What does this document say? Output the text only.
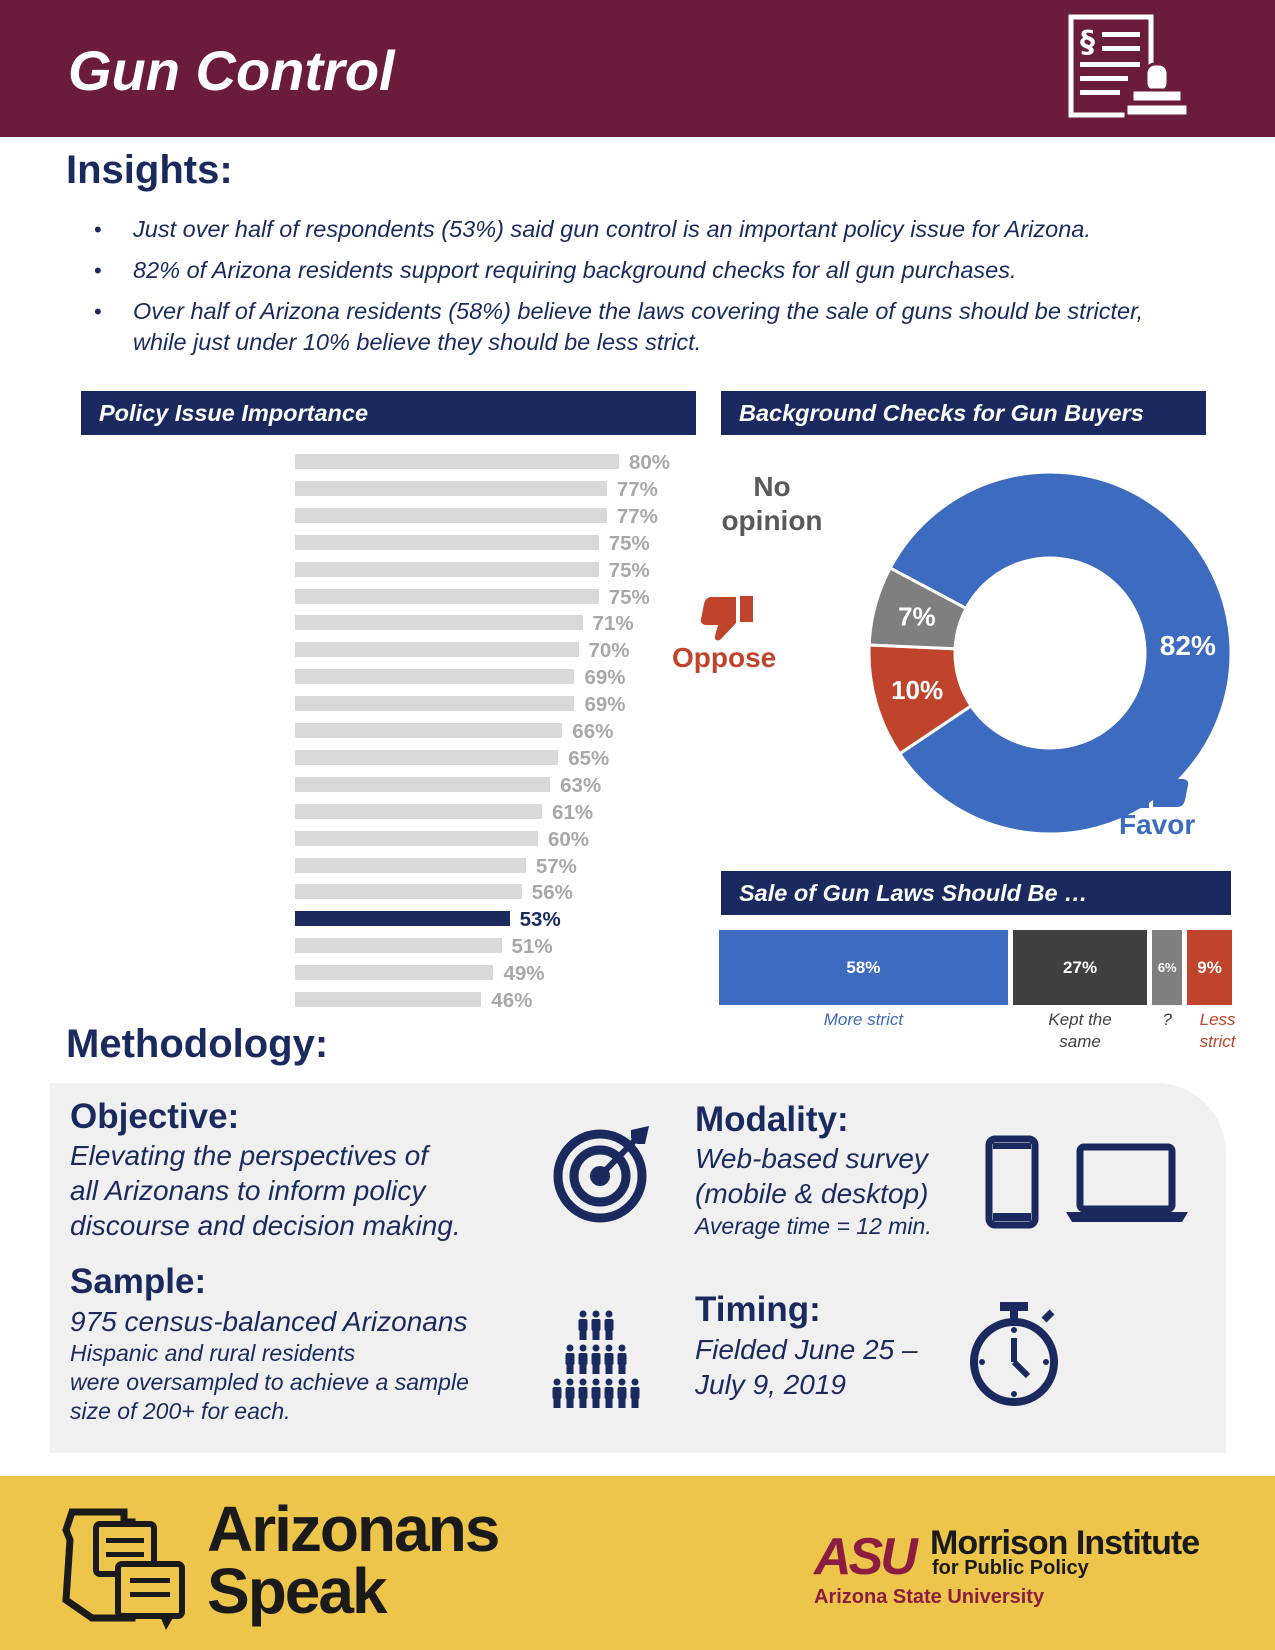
Gun Control	§
Insights:
• Just over half of respondents (53%) said gun control is an important policy issue for Arizona.
• 82% of Arizona residents support requiring background checks for all gun purchases.
• Over half of Arizona residents (58%) believe the laws covering the sale of guns should be stricter, while just under 10% believe they should be less strict.
Policy Issue Importance
80%
77%
77%
75%
75%
75%
71%
70%
69%
69%
66%
65%
63%
61%
60%
57%
56%
53%
51%
49%
46%
Background Checks for Gun Buyers
82%
10%
7%
No
opinion
Oppose
Favor
Sale of Gun Laws Should Be …
58%
More strict
27%
Kept the
same
6%
?
9%
Less
strict
Methodology:
Objective:
Elevating the perspectives of
all Arizonans to inform policy
discourse and decision making.
Sample:
975 census-balanced Arizonans
Hispanic and rural residents
were oversampled to achieve a sample
size of 200+ for each.
Modality:
Web-based survey
(mobile & desktop)
Average time = 12 min.
Timing:
Fielded June 25 –
July 9, 2019
Arizonans
Speak	ASU Morrison Institute
for Public Policy
Arizona State University
